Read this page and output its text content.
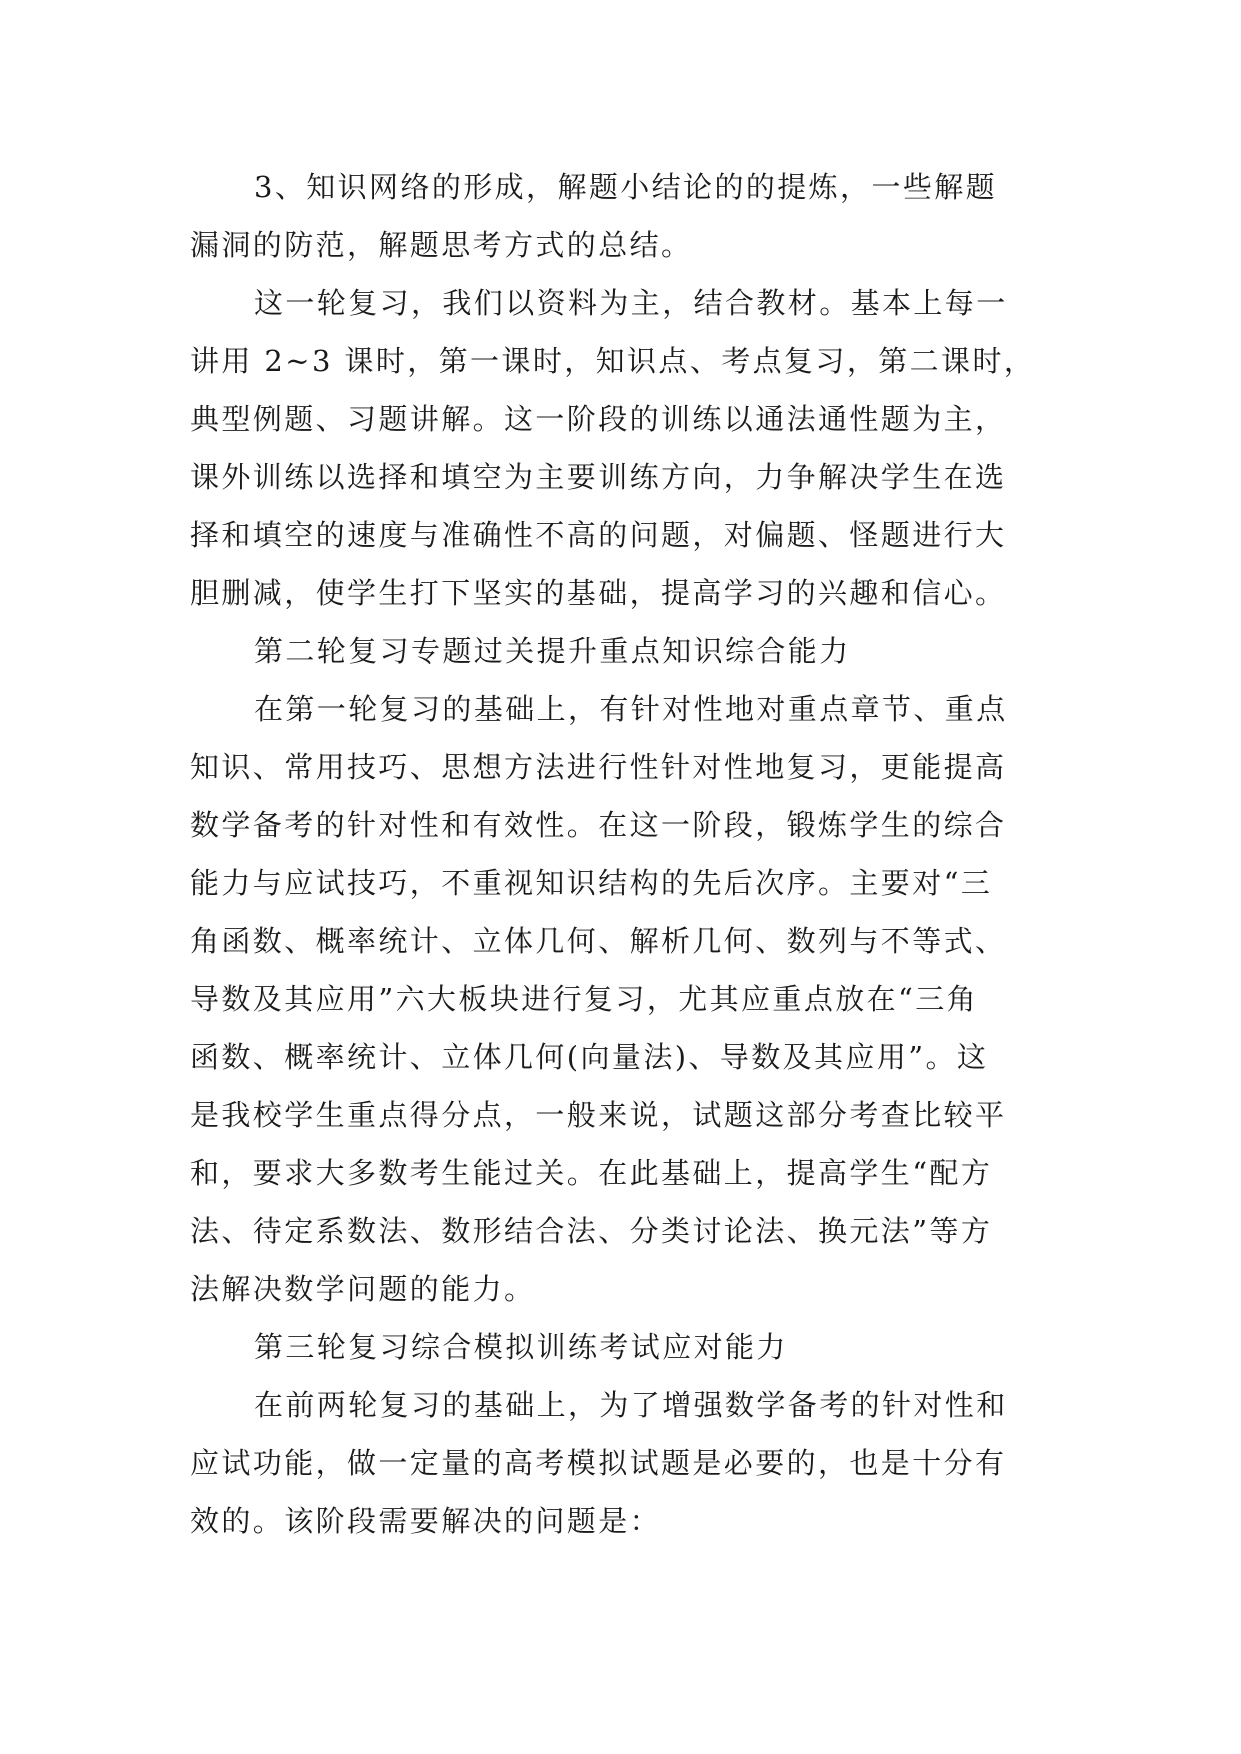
3、知识网络的形成，解题小结论的的提炼，一些解题
漏洞的防范，解题思考方式的总结。
这一轮复习，我们以资料为主，结合教材。基本上每一
讲用 2~3 课时，第一课时，知识点、考点复习，第二课时，
典型例题、习题讲解。这一阶段的训练以通法通性题为主，
课外训练以选择和填空为主要训练方向，力争解决学生在选
择和填空的速度与准确性不高的问题，对偏题、怪题进行大
胆删减，使学生打下坚实的基础，提高学习的兴趣和信心。
第二轮复习专题过关提升重点知识综合能力
在第一轮复习的基础上，有针对性地对重点章节、重点
知识、常用技巧、思想方法进行性针对性地复习，更能提高
数学备考的针对性和有效性。在这一阶段，锻炼学生的综合
能力与应试技巧，不重视知识结构的先后次序。主要对“三
角函数、概率统计、立体几何、解析几何、数列与不等式、
导数及其应用”六大板块进行复习，尤其应重点放在“三角
函数、概率统计、立体几何(向量法)、导数及其应用”。这
是我校学生重点得分点，一般来说，试题这部分考查比较平
和，要求大多数考生能过关。在此基础上，提高学生“配方
法、待定系数法、数形结合法、分类讨论法、换元法”等方
法解决数学问题的能力。
第三轮复习综合模拟训练考试应对能力
在前两轮复习的基础上，为了增强数学备考的针对性和
应试功能，做一定量的高考模拟试题是必要的，也是十分有
效的。该阶段需要解决的问题是：
